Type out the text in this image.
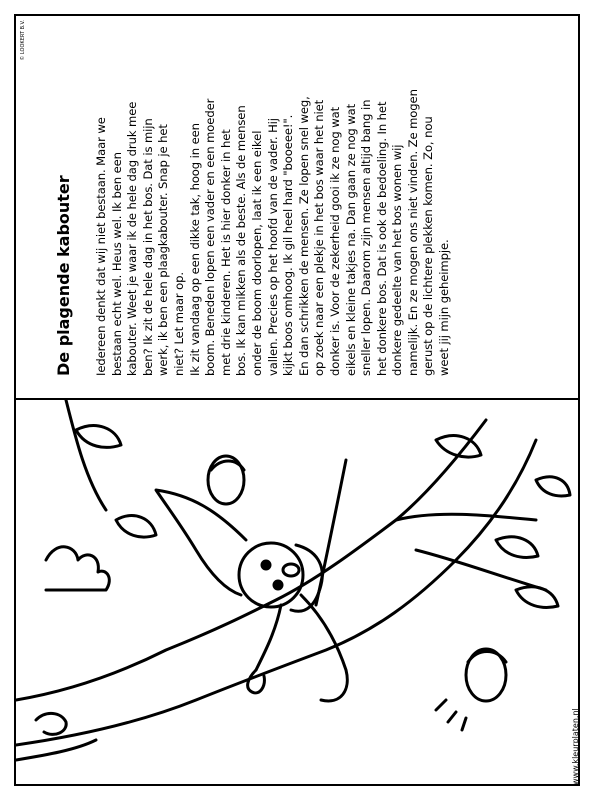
© LOOKERT B.V.
De plagende kabouter Iedereen denkt dat wij niet bestaan. Maar we
bestaan echt wel. Heus wel. Ik ben een
kabouter. Weet je waar ik de hele dag druk mee
ben? Ik zit de hele dag in het bos. Dat is mijn
werk, ik ben een plaagkabouter. Snap je het
niet? Let maar op.
Ik zit vandaag op een dikke tak, hoog in een
boom. Beneden lopen een vader en een moeder
met drie kinderen. Het is hier donker in het
bos. Ik kan mikken als de beste. Als de mensen
onder de boom doorlopen, laat ik een eikel
vallen. Precies op het hoofd van de vader. Hij
kijkt boos omhoog. Ik gil heel hard "booeee!".
En dan schrikken de mensen. Ze lopen snel weg,
op zoek naar een plekje in het bos waar het niet
donker is. Voor de zekerheid gooi ik ze nog wat
eikels en kleine takjes na. Dan gaan ze nog wat
sneller lopen. Daarom zijn mensen altijd bang in
het donkere bos. Dat is ook de bedoeling. In het
donkere gedeelte van het bos wonen wij
namelijk. En ze mogen ons niet vinden. Ze mogen
gerust op de lichtere plekken komen. Zo, nou
weet jij mijn geheimpje.
www.kleurplaten.nl
